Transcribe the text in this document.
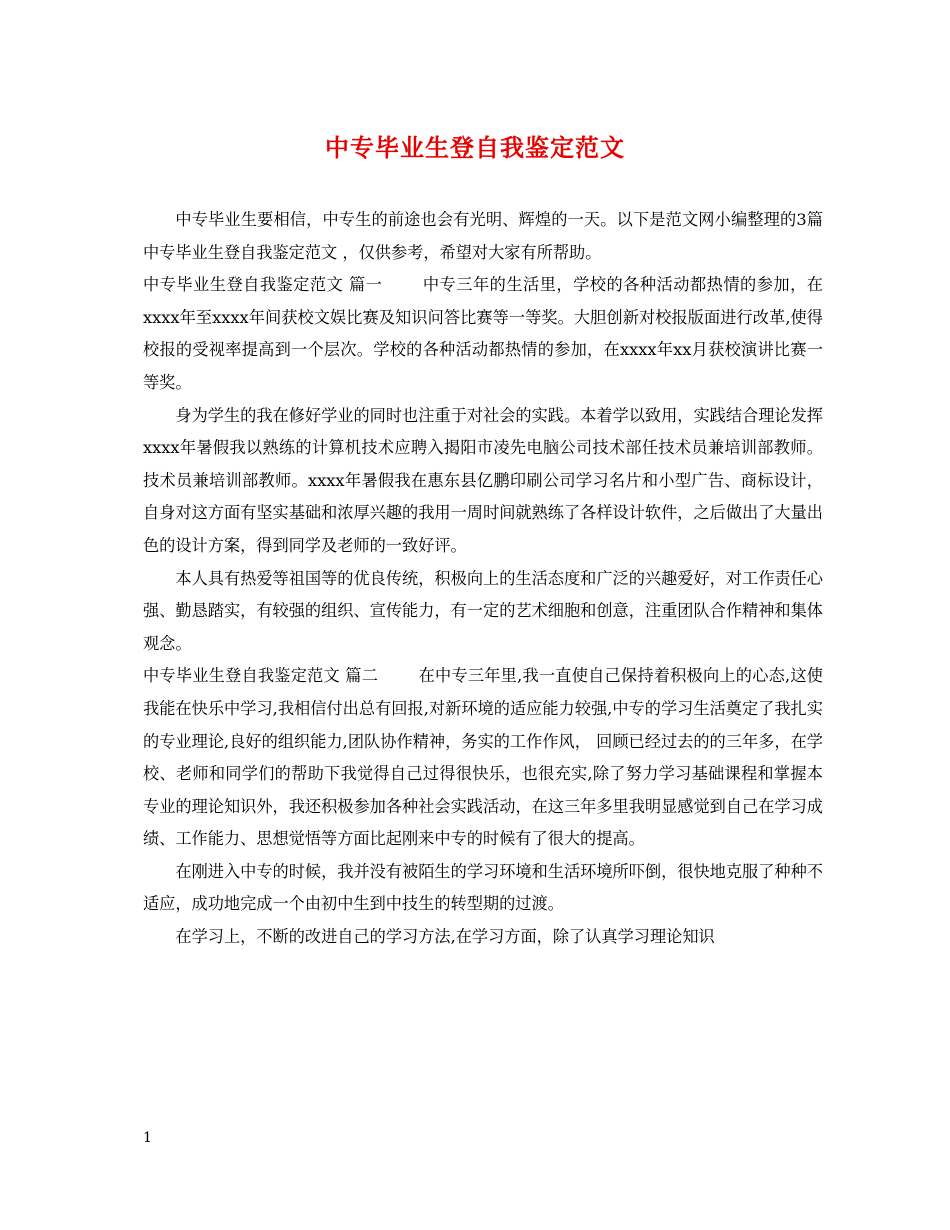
中专毕业生登自我鉴定范文

中专毕业生要相信，中专生的前途也会有光明、辉煌的一天。以下是范文网小编整理的3篇中专毕业生登自我鉴定范文 ，仅供参考，希望对大家有所帮助。

中专毕业生登自我鉴定范文 篇一	中专三年的生活里，学校的各种活动都热情的参加，在xxxx年至xxxx年间获校文娱比赛及知识问答比赛等一等奖。大胆创新对校报版面进行改革,使得校报的受视率提高到一个层次。学校的各种活动都热情的参加，在xxxx年xx月获校演讲比赛一等奖。

身为学生的我在修好学业的同时也注重于对社会的实践。本着学以致用，实践结合理论发挥xxxx年暑假我以熟练的计算机技术应聘入揭阳市凌先电脑公司技术部任技术员兼培训部教师。技术员兼培训部教师。xxxx年暑假我在惠东县亿鹏印刷公司学习名片和小型广告、商标设计，自身对这方面有坚实基础和浓厚兴趣的我用一周时间就熟练了各样设计软件，之后做出了大量出色的设计方案，得到同学及老师的一致好评。

本人具有热爱等祖国等的优良传统，积极向上的生活态度和广泛的兴趣爱好，对工作责任心强、勤恳踏实，有较强的组织、宣传能力，有一定的艺术细胞和创意，注重团队合作精神和集体观念。

中专毕业生登自我鉴定范文 篇二	在中专三年里,我一直使自己保持着积极向上的心态,这使我能在快乐中学习,我相信付出总有回报,对新环境的适应能力较强,中专的学习生活奠定了我扎实的专业理论,良好的组织能力,团队协作精神，务实的工作作风， 回顾已经过去的的三年多，在学校、老师和同学们的帮助下我觉得自己过得很快乐，也很充实,除了努力学习基础课程和掌握本专业的理论知识外，我还积极参加各种社会实践活动，在这三年多里我明显感觉到自己在学习成绩、工作能力、思想觉悟等方面比起刚来中专的时候有了很大的提高。

在刚进入中专的时候，我并没有被陌生的学习环境和生活环境所吓倒，很快地克服了种种不适应，成功地完成一个由初中生到中技生的转型期的过渡。

在学习上，不断的改进自己的学习方法,在学习方面，除了认真学习理论知识

1
